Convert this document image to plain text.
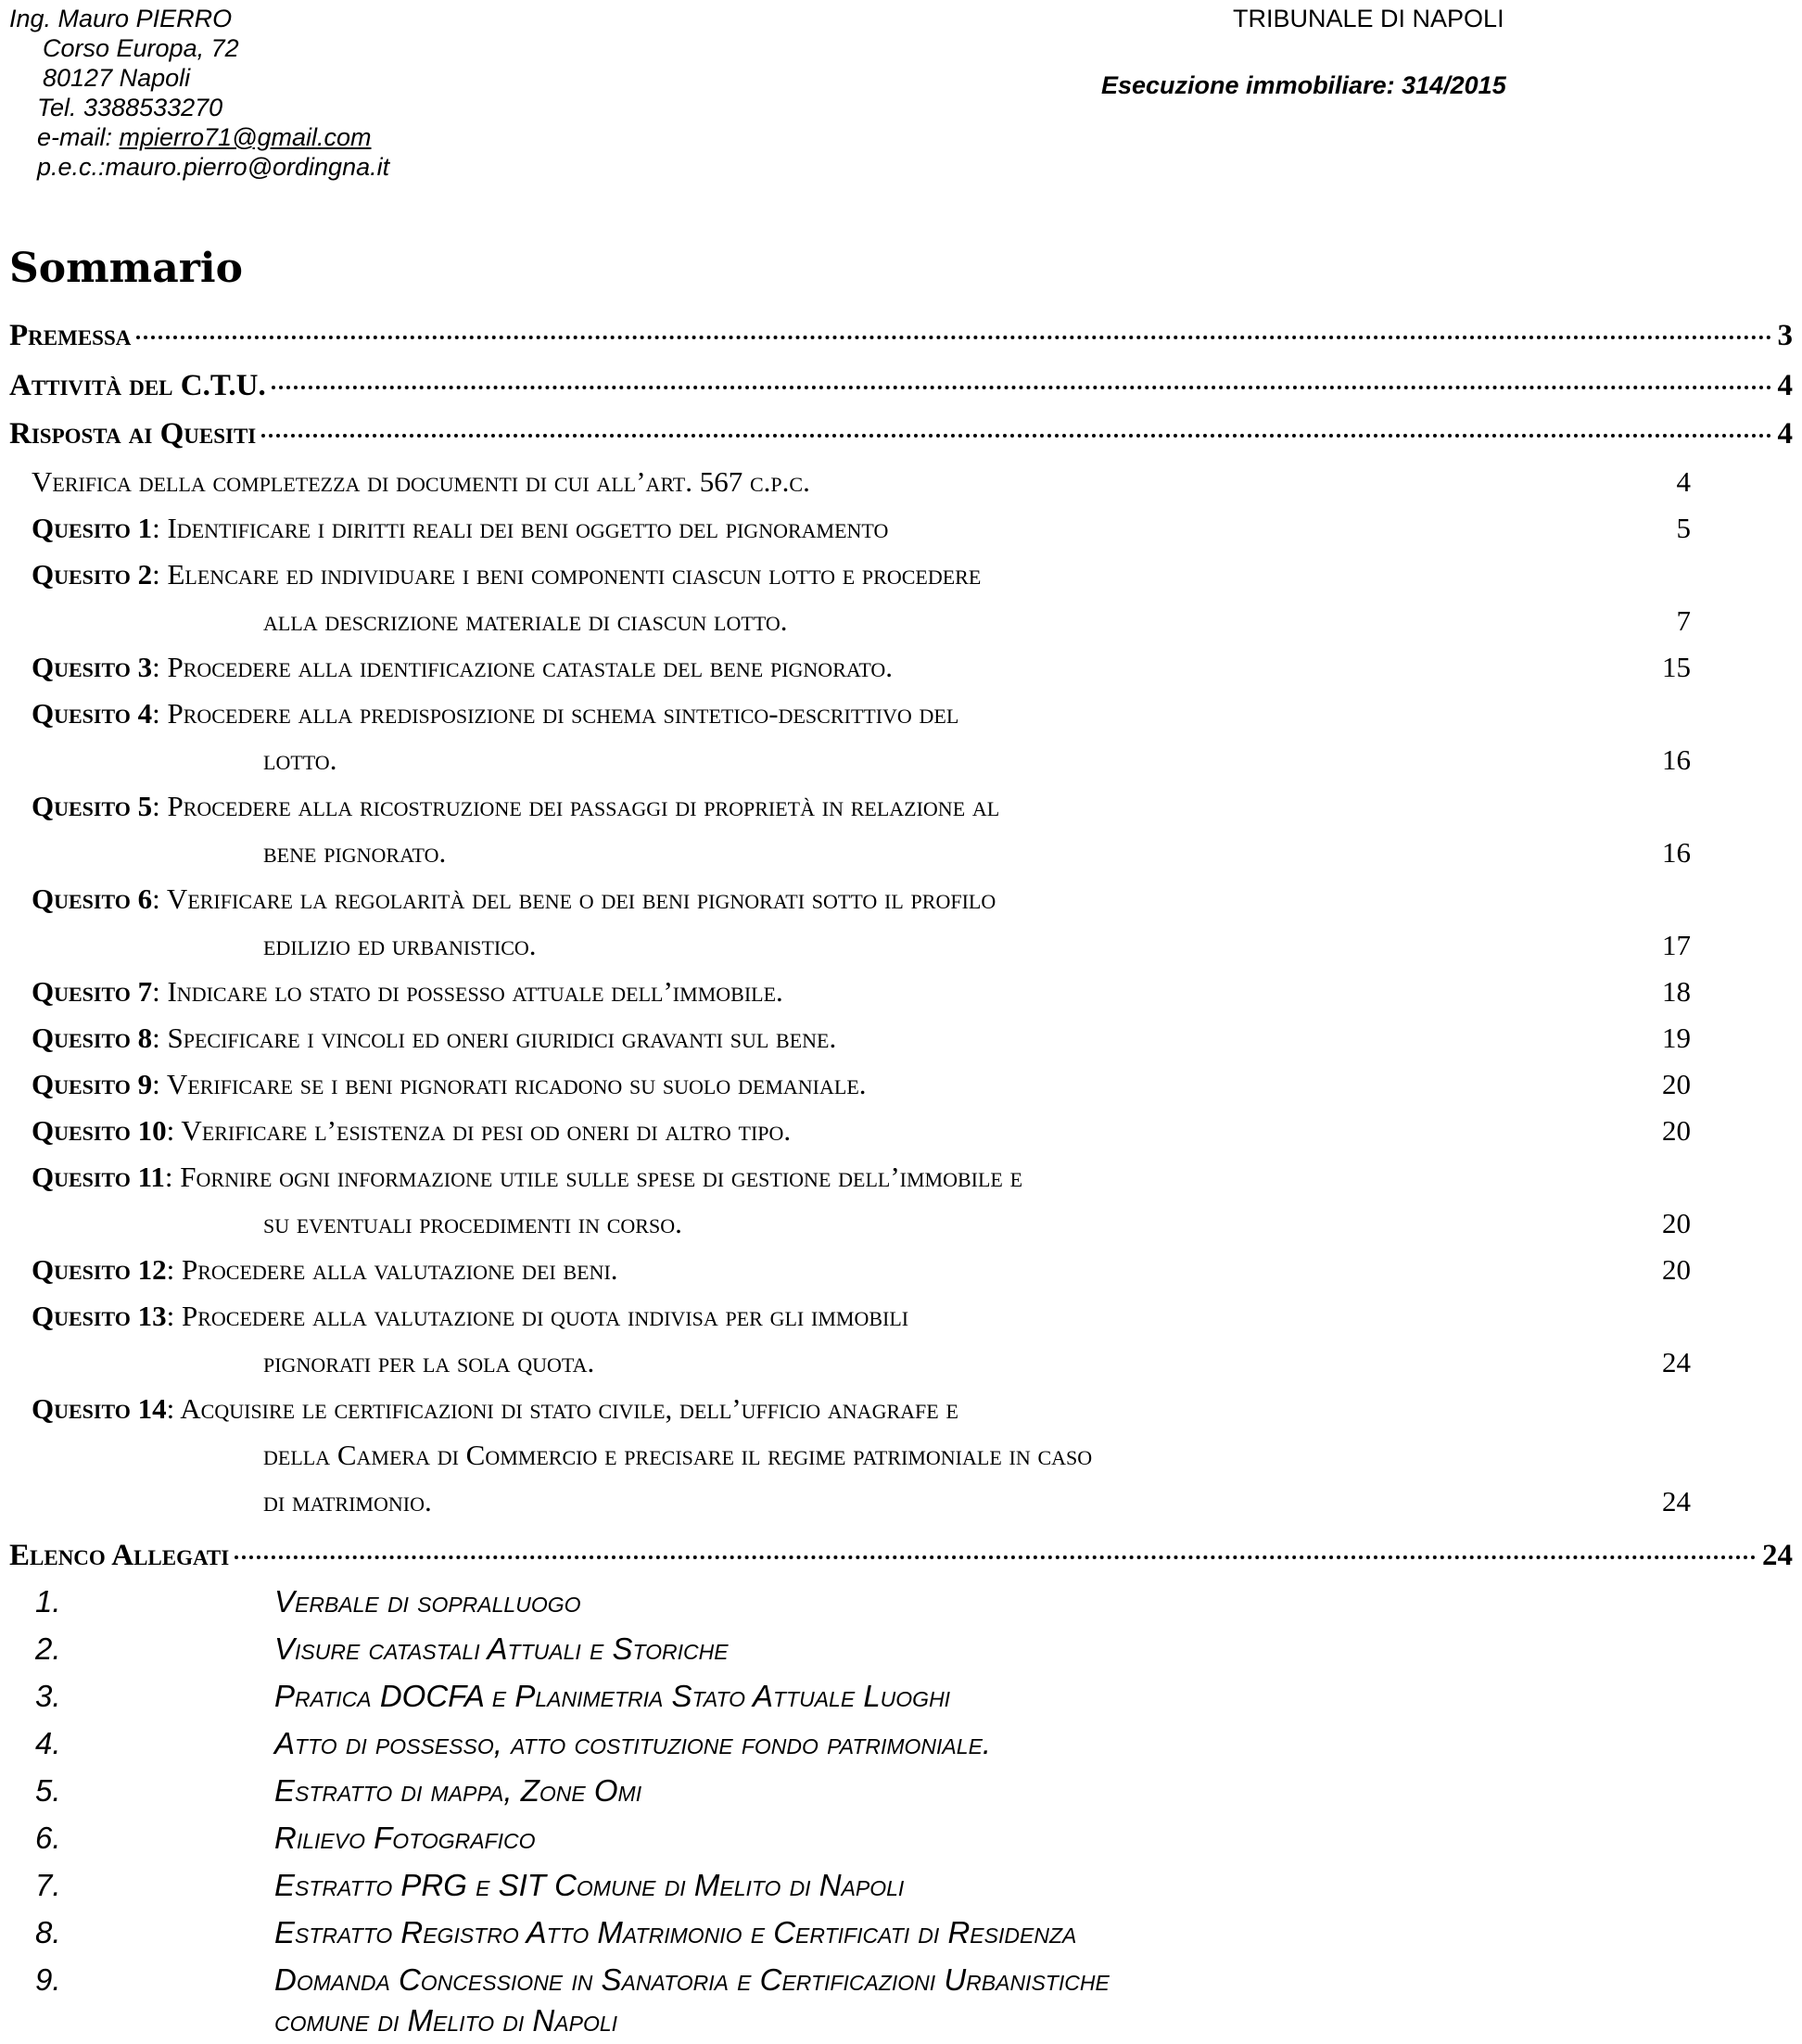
Ing. Mauro PIERRO
Corso Europa, 72
80127 Napoli
Tel. 3388533270
e-mail: mpierro71@gmail.com
p.e.c.:mauro.pierro@ordingna.it
TRIBUNALE DI NAPOLI
Esecuzione immobiliare: 314/2015
Sommario
Premessa	3
Attività del C.T.U.	4
Risposta ai Quesiti	4
Verifica della completezza di documenti di cui all’art. 567 c.p.c.	4
Quesito 1: Identificare i diritti reali dei beni oggetto del pignoramento	5
Quesito 2: Elencare ed individuare i beni componenti ciascun lotto e procedere
alla descrizione materiale di ciascun lotto.	7
Quesito 3: Procedere alla identificazione catastale del bene pignorato.	15
Quesito 4: Procedere alla predisposizione di schema sintetico-descrittivo del
lotto.	16
Quesito 5: Procedere alla ricostruzione dei passaggi di proprietà in relazione al
bene pignorato.	16
Quesito 6: Verificare la regolarità del bene o dei beni pignorati sotto il profilo
edilizio ed urbanistico.	17
Quesito 7: Indicare lo stato di possesso attuale dell’immobile.	18
Quesito 8: Specificare i vincoli ed oneri giuridici gravanti sul bene.	19
Quesito 9: Verificare se i beni pignorati ricadono su suolo demaniale.	20
Quesito 10: Verificare l’esistenza di pesi od oneri di altro tipo.	20
Quesito 11: Fornire ogni informazione utile sulle spese di gestione dell’immobile e
su eventuali procedimenti in corso.	20
Quesito 12: Procedere alla valutazione dei beni.	20
Quesito 13: Procedere alla valutazione di quota indivisa per gli immobili
pignorati per la sola quota.	24
Quesito 14: Acquisire le certificazioni di stato civile, dell’ufficio anagrafe e
della Camera di Commercio e precisare il regime patrimoniale in caso
di matrimonio.	24
Elenco Allegati	24
1.	Verbale di sopralluogo
2.	Visure catastali Attuali e Storiche
3.	Pratica DOCFA e Planimetria Stato Attuale Luoghi
4.	Atto di possesso, atto costituzione fondo patrimoniale.
5.	Estratto di mappa, Zone Omi
6.	Rilievo Fotografico
7.	Estratto PRG e SIT Comune di Melito di Napoli
8.	Estratto Registro Atto Matrimonio e Certificati di Residenza
9.	Domanda Concessione in Sanatoria e Certificazioni Urbanistiche
comune di Melito di Napoli
